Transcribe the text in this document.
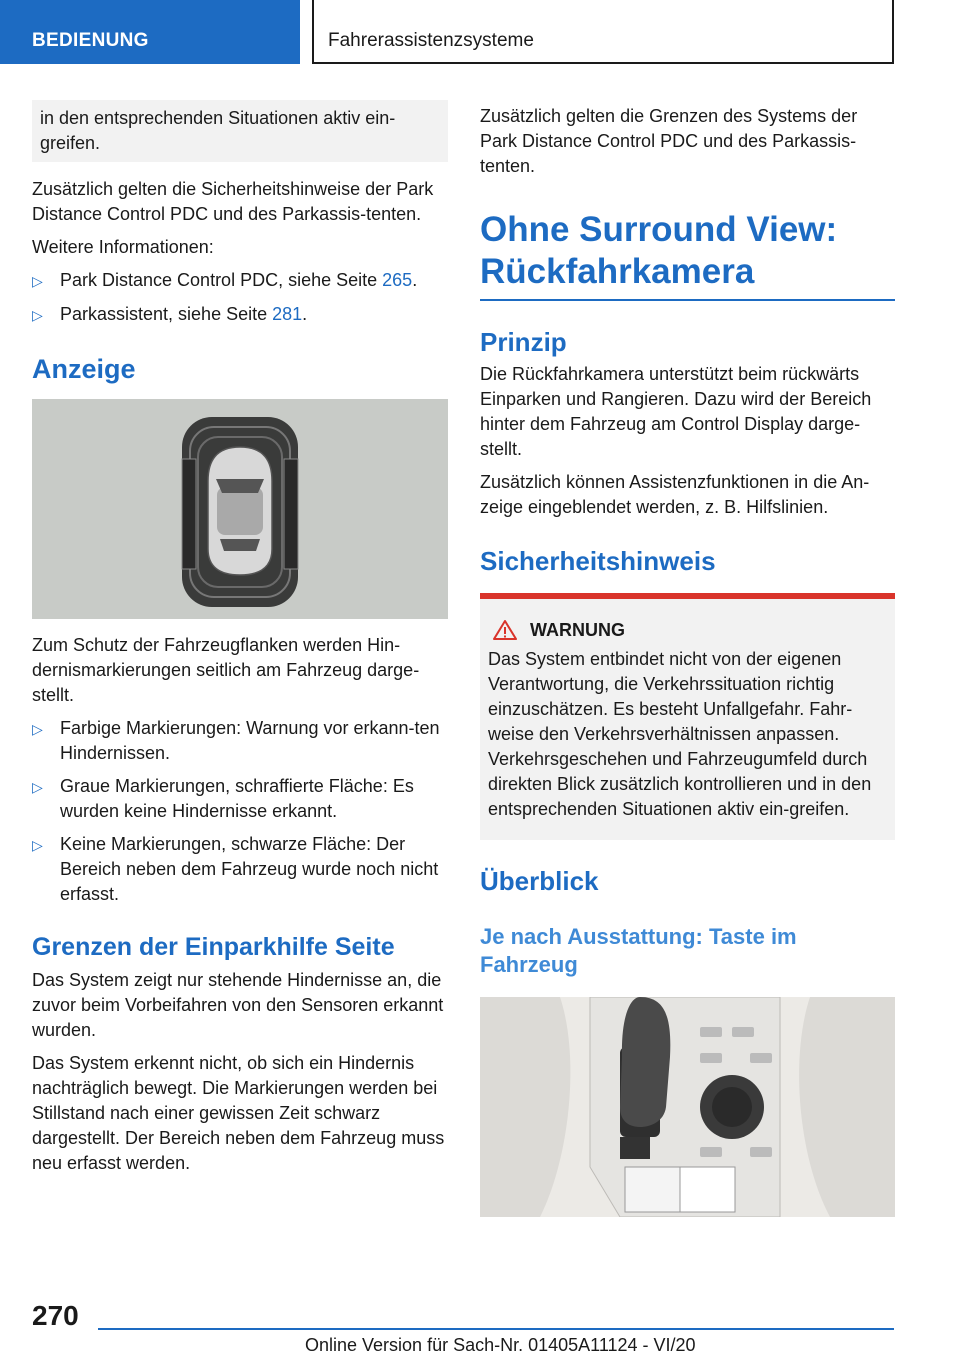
BEDIENUNG	Fahrerassistenzsysteme

in den entsprechenden Situationen aktiv ein-greifen.

Zusätzlich gelten die Sicherheitshinweise der Park Distance Control PDC und des Parkassis-tenten.

Weitere Informationen:

▷ Park Distance Control PDC, siehe Seite 265.
▷ Parkassistent, siehe Seite 281.
Anzeige

Zum Schutz der Fahrzeugflanken werden Hin-dernismarkierungen seitlich am Fahrzeug darge-stellt.

▷ Farbige Markierungen: Warnung vor erkann-ten Hindernissen.
▷ Graue Markierungen, schraffierte Fläche: Es wurden keine Hindernisse erkannt.
▷ Keine Markierungen, schwarze Fläche: Der Bereich neben dem Fahrzeug wurde noch nicht erfasst.
Grenzen der Einparkhilfe Seite

Das System zeigt nur stehende Hindernisse an, die zuvor beim Vorbeifahren von den Sensoren erkannt wurden.

Das System erkennt nicht, ob sich ein Hindernis nachträglich bewegt. Die Markierungen werden bei Stillstand nach einer gewissen Zeit schwarz dargestellt. Der Bereich neben dem Fahrzeug muss neu erfasst werden.

Zusätzlich gelten die Grenzen des Systems der Park Distance Control PDC und des Parkassis-tenten.

Ohne Surround View: Rückfahrkamera
Prinzip

Die Rückfahrkamera unterstützt beim rückwärts Einparken und Rangieren. Dazu wird der Bereich hinter dem Fahrzeug am Control Display darge-stellt.

Zusätzlich können Assistenzfunktionen in die An-zeige eingeblendet werden, z. B. Hilfslinien.

Sicherheitshinweis
WARNUNG

Das System entbindet nicht von der eigenen Verantwortung, die Verkehrssituation richtig einzuschätzen. Es besteht Unfallgefahr. Fahr-weise den Verkehrsverhältnissen anpassen. Verkehrsgeschehen und Fahrzeugumfeld durch direkten Blick zusätzlich kontrollieren und in den entsprechenden Situationen aktiv ein-greifen.

Überblick
Je nach Ausstattung: Taste im Fahrzeug
270
Online Version für Sach-Nr. 01405A11124 - VI/20
